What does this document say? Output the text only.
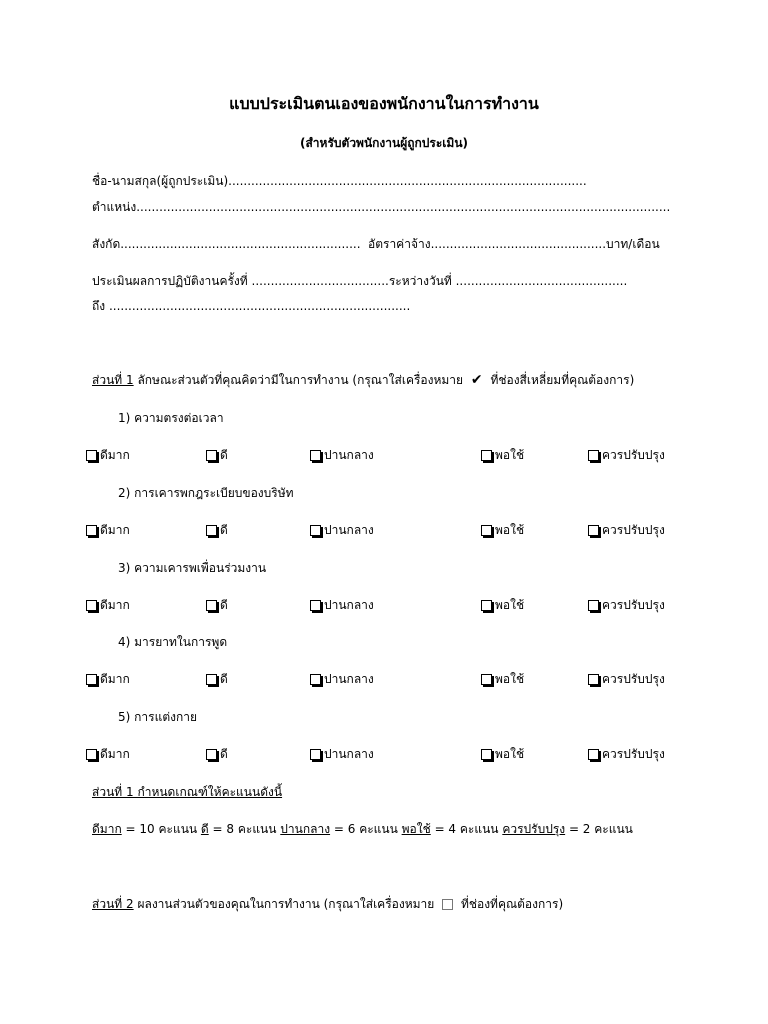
แบบประเมินตนเองของพนักงานในการทำงาน
(สำหรับตัวพนักงานผู้ถูกประเมิน)
ชื่อ-นามสกุล(ผู้ถูกประเมิน)..............................................................................................
ตำแหน่ง............................................................................................................................................
สังกัด............................................................... อัตราค่าจ้าง..............................................บาท/เดือน
ประเมินผลการปฏิบัติงานครั้งที่ ....................................ระหว่างวันที่ .............................................
ถึง ...............................................................................
ส่วนที่ 1 ลักษณะส่วนตัวที่คุณคิดว่ามีในการทำงาน (กรุณาใส่เครื่องหมาย ✔ ที่ช่องสี่เหลี่ยมที่คุณต้องการ)
1) ความตรงต่อเวลา
ดีมาก	ดี	ปานกลาง	พอใช้	ควรปรับปรุง
2) การเคารพกฎระเบียบของบริษัท
ดีมาก	ดี	ปานกลาง	พอใช้	ควรปรับปรุง
3) ความเคารพเพื่อนร่วมงาน
ดีมาก	ดี	ปานกลาง	พอใช้	ควรปรับปรุง
4) มารยาทในการพูด
ดีมาก	ดี	ปานกลาง	พอใช้	ควรปรับปรุง
5) การแต่งกาย
ดีมาก	ดี	ปานกลาง	พอใช้	ควรปรับปรุง
ส่วนที่ 1 กำหนดเกณฑ์ให้คะแนนดังนี้
ดีมาก = 10 คะแนน ดี = 8 คะแนน ปานกลาง = 6 คะแนน พอใช้ = 4 คะแนน ควรปรับปรุง = 2 คะแนน
ส่วนที่ 2 ผลงานส่วนตัวของคุณในการทำงาน (กรุณาใส่เครื่องหมาย  ที่ช่องที่คุณต้องการ)
